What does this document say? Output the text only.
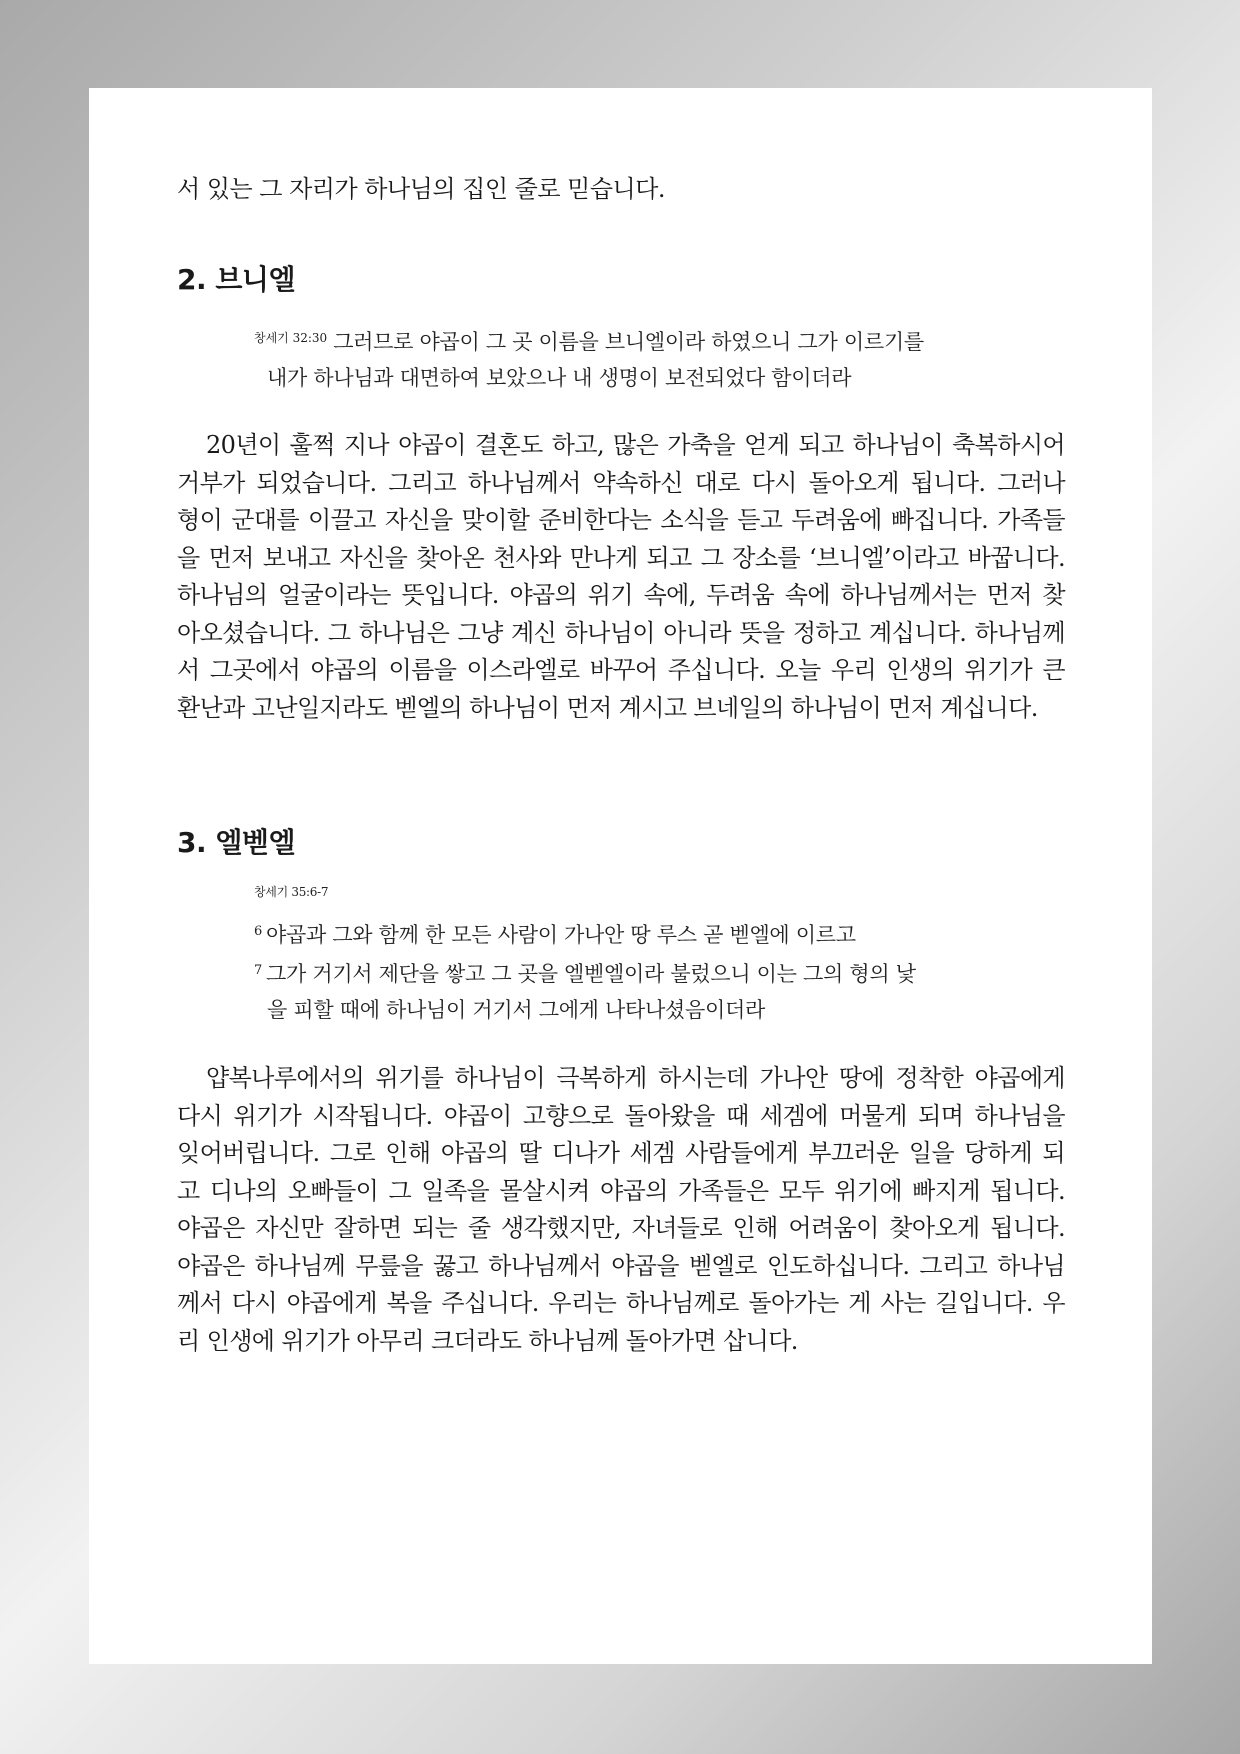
서 있는 그 자리가 하나님의 집인 줄로 믿습니다.
2. 브니엘
$^{창세기 32:30}$ 그러므로 야곱이 그 곳 이름을 브니엘이라 하였으니 그가 이르기를
내가 하나님과 대면하여 보았으나 내 생명이 보전되었다 함이더라
20년이 훌쩍 지나 야곱이 결혼도 하고, 많은 가축을 얻게 되고 하나님이 축복하시어
거부가 되었습니다. 그리고 하나님께서 약속하신 대로 다시 돌아오게 됩니다. 그러나
형이 군대를 이끌고 자신을 맞이할 준비한다는 소식을 듣고 두려움에 빠집니다. 가족들
을 먼저 보내고 자신을 찾아온 천사와 만나게 되고 그 장소를 ‘브니엘’이라고 바꿉니다.
하나님의 얼굴이라는 뜻입니다. 야곱의 위기 속에, 두려움 속에 하나님께서는 먼저 찾
아오셨습니다. 그 하나님은 그냥 계신 하나님이 아니라 뜻을 정하고 계십니다. 하나님께
서 그곳에서 야곱의 이름을 이스라엘로 바꾸어 주십니다. 오늘 우리 인생의 위기가 큰
환난과 고난일지라도 벧엘의 하나님이 먼저 계시고 브네일의 하나님이 먼저 계십니다.
3. 엘벧엘
창세기 35:6-7
$^6$ 야곱과 그와 함께 한 모든 사람이 가나안 땅 루스 곧 벧엘에 이르고
$^7$ 그가 거기서 제단을 쌓고 그 곳을 엘벧엘이라 불렀으니 이는 그의 형의 낯
을 피할 때에 하나님이 거기서 그에게 나타나셨음이더라
얍복나루에서의 위기를 하나님이 극복하게 하시는데 가나안 땅에 정착한 야곱에게
다시 위기가 시작됩니다. 야곱이 고향으로 돌아왔을 때 세겜에 머물게 되며 하나님을
잊어버립니다. 그로 인해 야곱의 딸 디나가 세겜 사람들에게 부끄러운 일을 당하게 되
고 디나의 오빠들이 그 일족을 몰살시켜 야곱의 가족들은 모두 위기에 빠지게 됩니다.
야곱은 자신만 잘하면 되는 줄 생각했지만, 자녀들로 인해 어려움이 찾아오게 됩니다.
야곱은 하나님께 무릎을 꿇고 하나님께서 야곱을 벧엘로 인도하십니다. 그리고 하나님
께서 다시 야곱에게 복을 주십니다. 우리는 하나님께로 돌아가는 게 사는 길입니다. 우
리 인생에 위기가 아무리 크더라도 하나님께 돌아가면 삽니다.
